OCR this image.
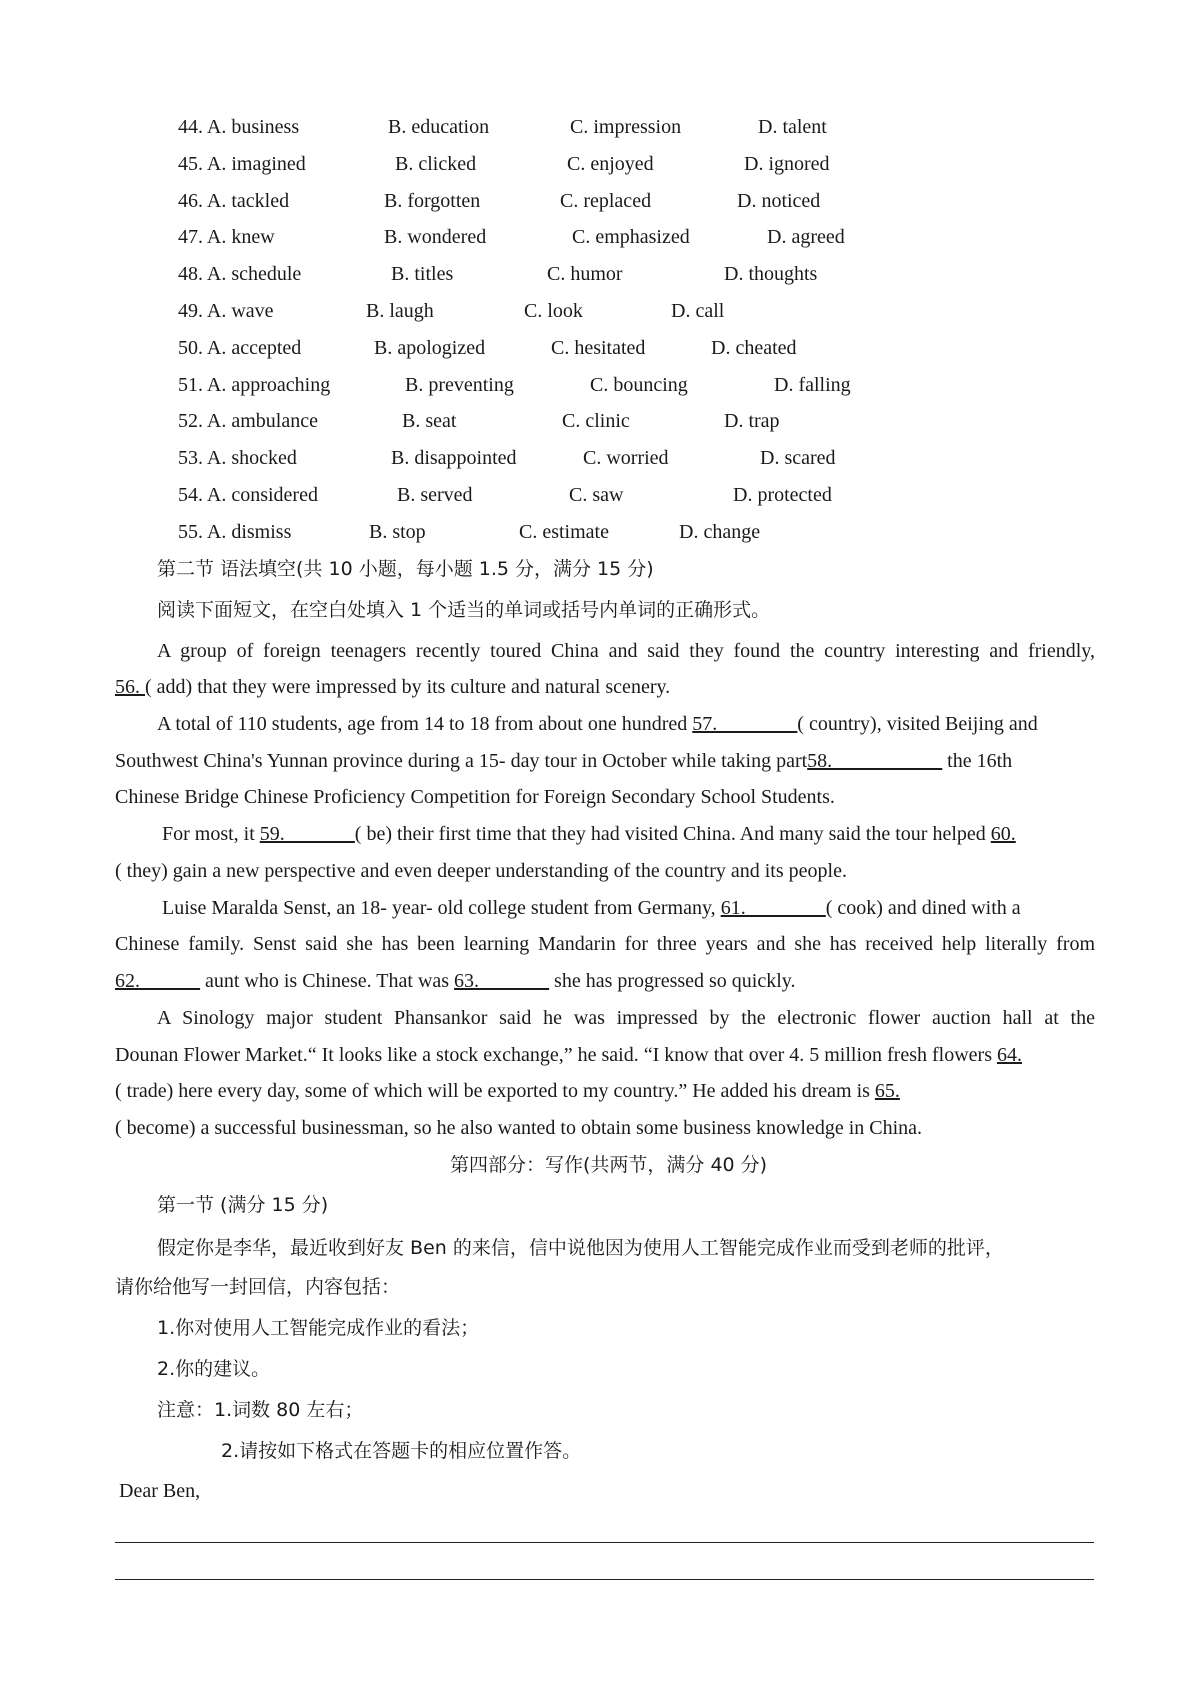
44. A. business	B. education	C. impression	D. talent
45. A. imagined	B. clicked	C. enjoyed	D. ignored
46. A. tackled	B. forgotten	C. replaced	D. noticed
47. A. knew	B. wondered	C. emphasized	D. agreed
48. A. schedule	B. titles	C. humor	D. thoughts
49. A. wave	B. laugh	C. look	D. call
50. A. accepted	B. apologized	C. hesitated	D. cheated
51. A. approaching	B. preventing	C. bouncing	D. falling
52. A. ambulance	B. seat	C. clinic	D. trap
53. A. shocked	B. disappointed	C. worried	D. scared
54. A. considered	B. served	C. saw	D. protected
55. A. dismiss	B. stop	C. estimate	D. change
第二节 语法填空(共 10 小题，每小题 1.5 分，满分 15 分)
阅读下面短文，在空白处填入 1 个适当的单词或括号内单词的正确形式。
A group of foreign teenagers recently toured China and said they found the country interesting and friendly,
56. ( add) that they were impressed by its culture and natural scenery.
A total of 110 students, age from 14 to 18 from about one hundred 57.________( country), visited Beijing and
Southwest China's Yunnan province during a 15- day tour in October while taking part58.___________ the 16th
Chinese Bridge Chinese Proficiency Competition for Foreign Secondary School Students.
For most, it 59._______( be) their first time that they had visited China. And many said the tour helped 60.
( they) gain a new perspective and even deeper understanding of the country and its people.
Luise Maralda Senst, an 18- year- old college student from Germany, 61.________( cook) and dined with a
Chinese family. Senst said she has been learning Mandarin for three years and she has received help literally from
62.______ aunt who is Chinese. That was 63._______ she has progressed so quickly.
A Sinology major student Phansankor said he was impressed by the electronic flower auction hall at the
Dounan Flower Market.“ It looks like a stock exchange,” he said. “I know that over 4. 5 million fresh flowers 64.
( trade) here every day, some of which will be exported to my country.” He added his dream is 65.
( become) a successful businessman, so he also wanted to obtain some business knowledge in China.
第四部分：写作(共两节，满分 40 分)
第一节 (满分 15 分)
假定你是李华，最近收到好友 Ben 的来信，信中说他因为使用人工智能完成作业而受到老师的批评，
请你给他写一封回信，内容包括：
1.你对使用人工智能完成作业的看法；
2.你的建议。
注意：1.词数 80 左右；
2.请按如下格式在答题卡的相应位置作答。
Dear Ben,
